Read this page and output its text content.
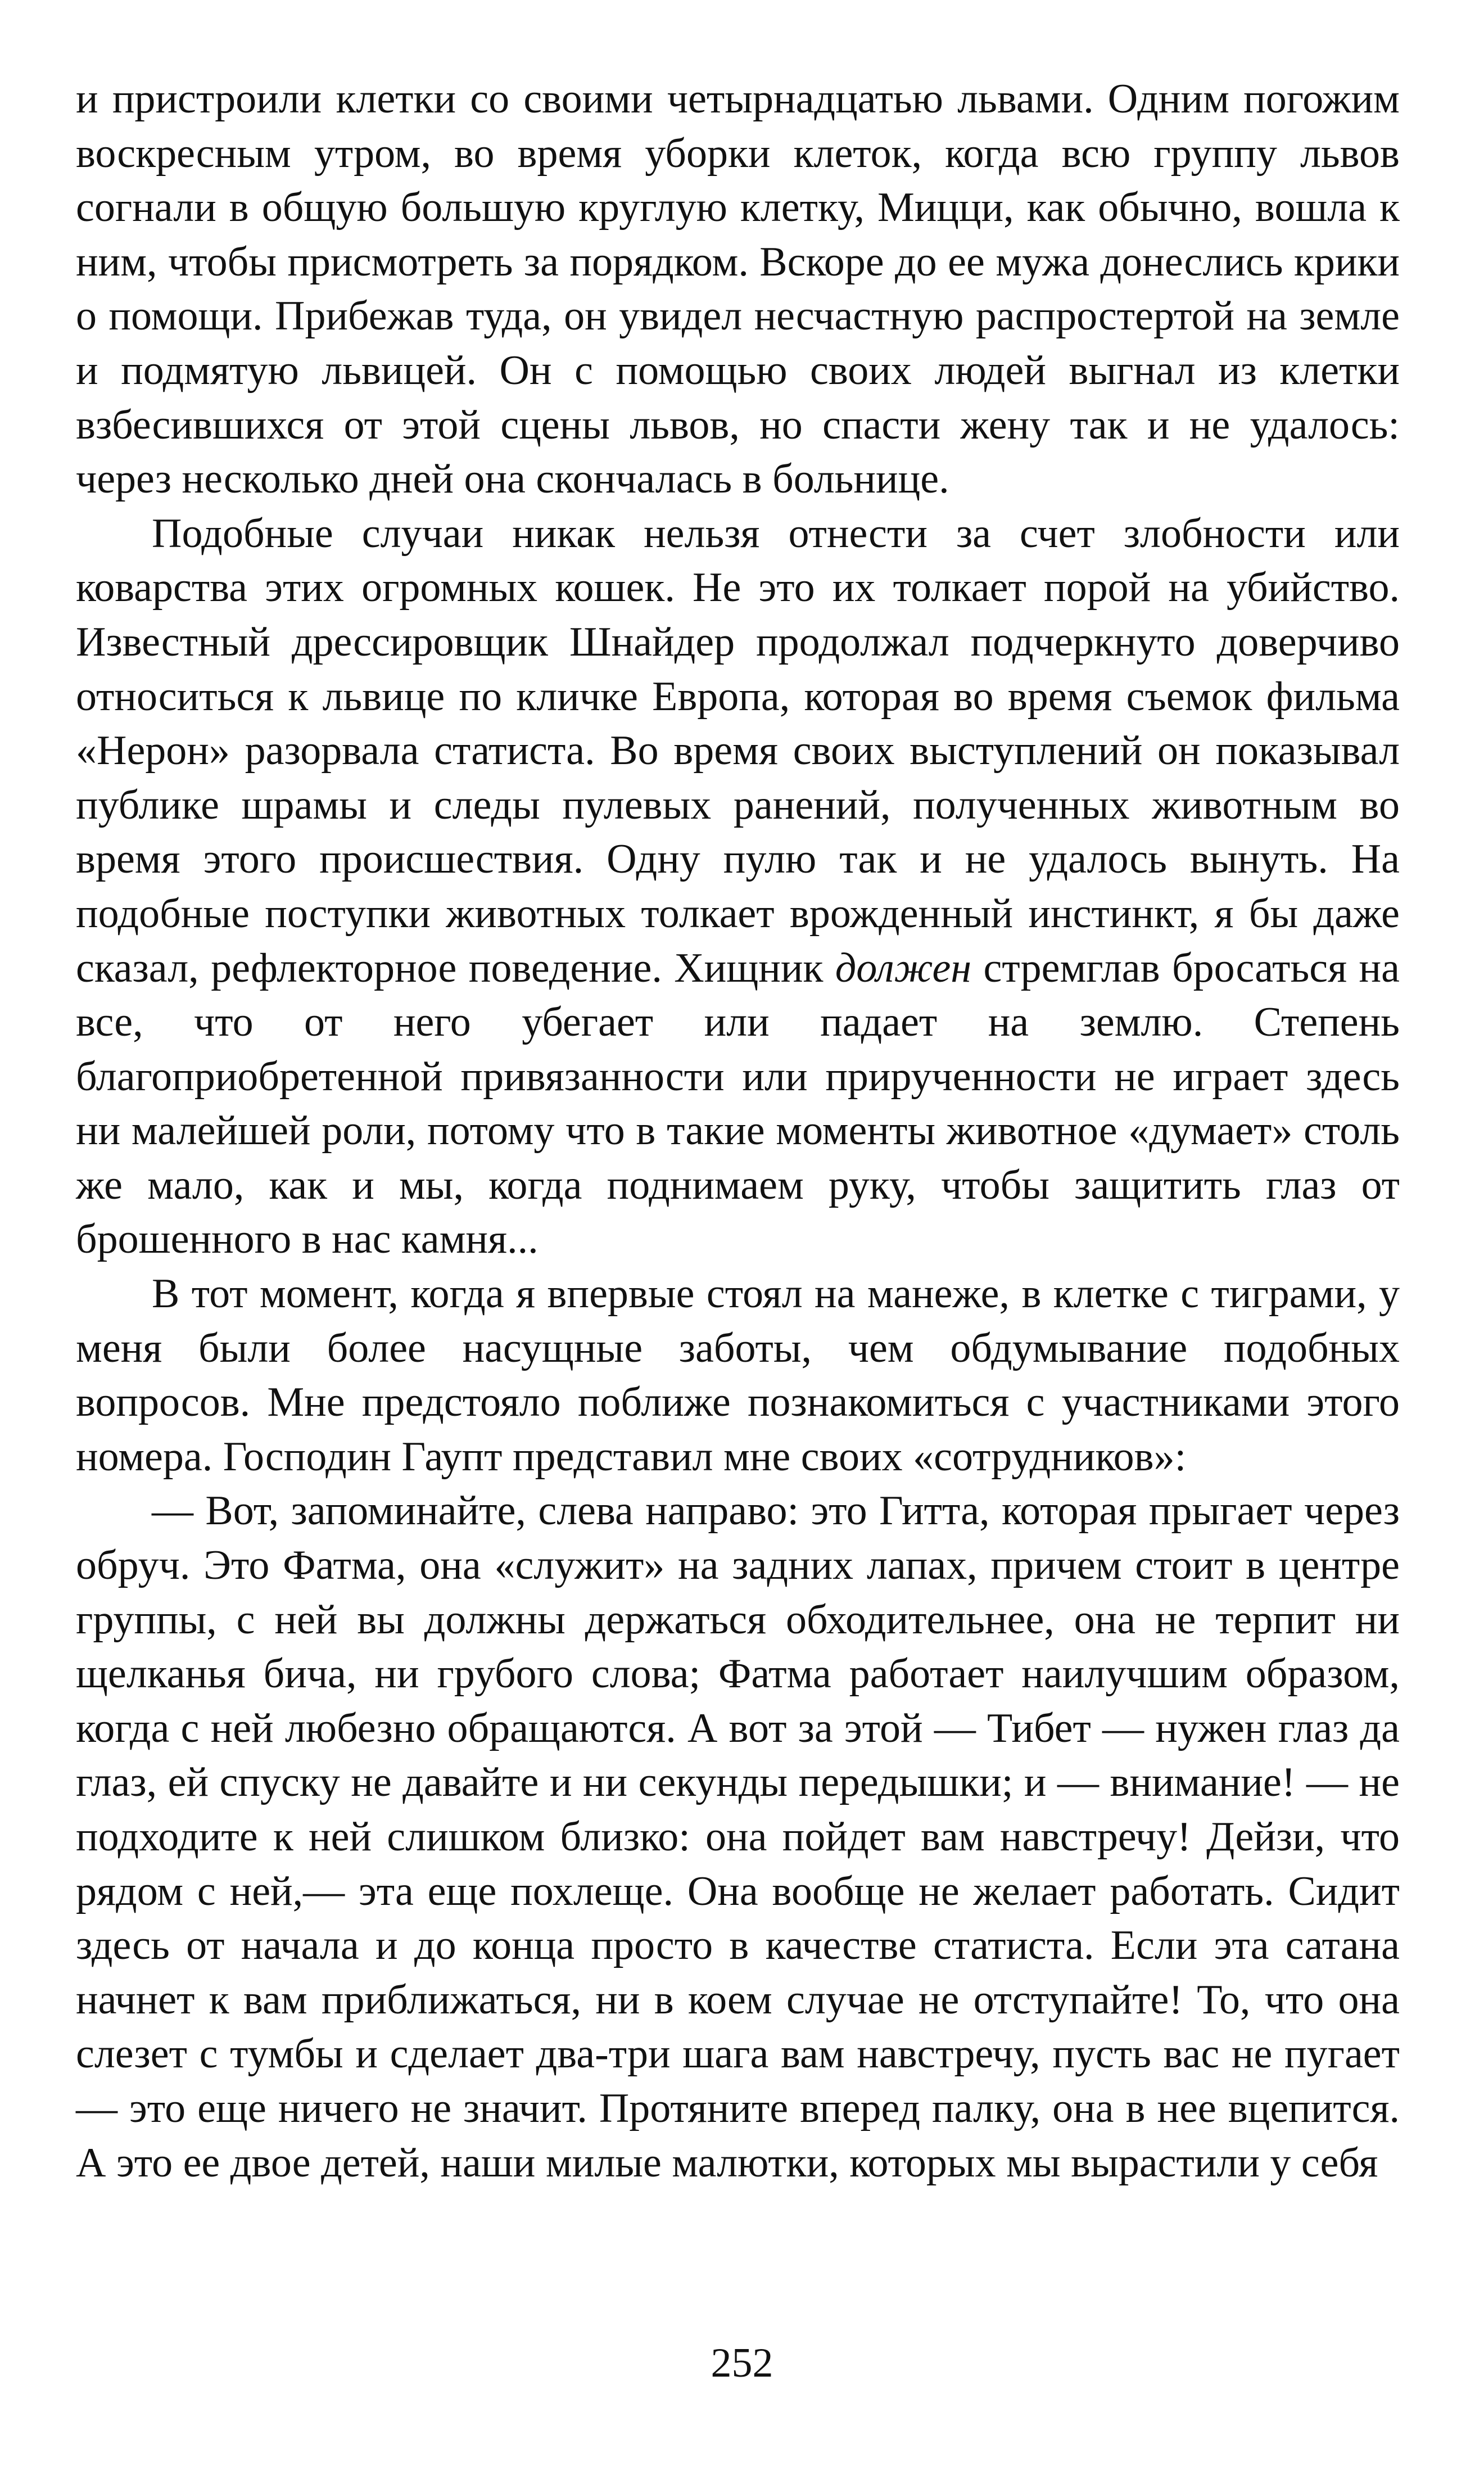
и пристроили клетки со своими четырнадцатью львами. Одним погожим воскресным утром, во время уборки клеток, когда всю группу львов согнали в общую большую круглую клетку, Мицци, как обычно, вошла к ним, чтобы присмотреть за порядком. Вскоре до ее мужа донеслись крики о помощи. Прибежав туда, он увидел несчастную распростертой на земле и подмятую львицей. Он с помощью своих людей выгнал из клетки взбесившихся от этой сцены львов, но спасти жену так и не удалось: через несколько дней она скончалась в больнице.

Подобные случаи никак нельзя отнести за счет злобности или коварства этих огромных кошек. Не это их толкает порой на убийство. Известный дрессировщик Шнайдер продолжал подчеркнуто доверчиво относиться к львице по кличке Европа, которая во время съемок фильма «Нерон» разорвала статиста. Во время своих выступлений он показывал публике шрамы и следы пулевых ранений, полученных животным во время этого происшествия. Одну пулю так и не удалось вынуть. На подобные поступки животных толкает врожденный инстинкт, я бы даже сказал, рефлекторное поведение. Хищник должен стремглав бросаться на все, что от него убегает или падает на землю. Степень благоприобретенной привязанности или прирученности не играет здесь ни малейшей роли, потому что в такие моменты животное «думает» столь же мало, как и мы, когда поднимаем руку, чтобы защитить глаз от брошенного в нас камня...

В тот момент, когда я впервые стоял на манеже, в клетке с тиграми, у меня были более насущные заботы, чем обдумывание подобных вопросов. Мне предстояло поближе познакомиться с участниками этого номера. Господин Гаупт представил мне своих «сотрудников»:

— Вот, запоминайте, слева направо: это Гитта, которая прыгает через обруч. Это Фатма, она «служит» на задних лапах, причем стоит в центре группы, с ней вы должны держаться обходительнее, она не терпит ни щелканья бича, ни грубого слова; Фатма работает наилучшим образом, когда с ней любезно обращаются. А вот за этой — Тибет — нужен глаз да глаз, ей спуску не давайте и ни секунды передышки; и — внимание! — не подходите к ней слишком близко: она пойдет вам навстречу! Дейзи, что рядом с ней,— эта еще похлеще. Она вообще не желает работать. Сидит здесь от начала и до конца просто в качестве статиста. Если эта сатана начнет к вам приближаться, ни в коем случае не отступайте! То, что она слезет с тумбы и сделает два-три шага вам навстречу, пусть вас не пугает — это еще ничего не значит. Протяните вперед палку, она в нее вцепится. А это ее двое детей, наши милые малютки, которых мы вырастили у себя

252
